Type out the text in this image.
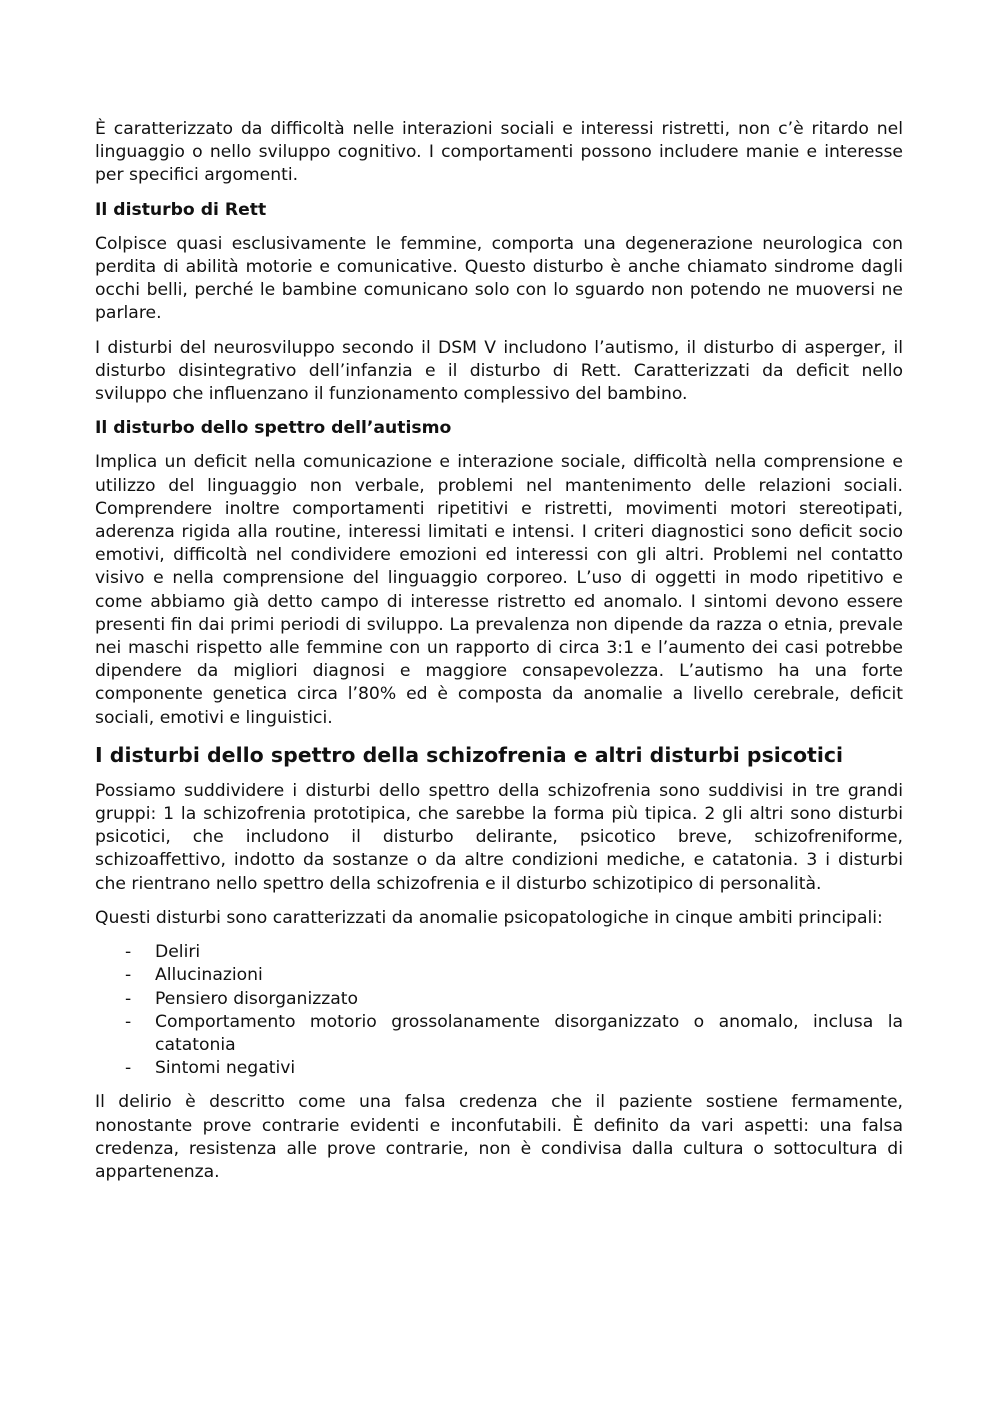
È caratterizzato da difficoltà nelle interazioni sociali e interessi ristretti, non c’è ritardo nel linguaggio o nello sviluppo cognitivo. I comportamenti possono includere manie e interesse per specifici argomenti.

Il disturbo di Rett

Colpisce quasi esclusivamente le femmine, comporta una degenerazione neurologica con perdita di abilità motorie e comunicative. Questo disturbo è anche chiamato sindrome dagli occhi belli, perché le bambine comunicano solo con lo sguardo non potendo ne muoversi ne parlare.

I disturbi del neurosviluppo secondo il DSM V includono l’autismo, il disturbo di asperger, il disturbo disintegrativo dell’infanzia e il disturbo di Rett. Caratterizzati da deficit nello sviluppo che influenzano il funzionamento complessivo del bambino.

Il disturbo dello spettro dell’autismo

Implica un deficit nella comunicazione e interazione sociale, difficoltà nella comprensione e utilizzo del linguaggio non verbale, problemi nel mantenimento delle relazioni sociali. Comprendere inoltre comportamenti ripetitivi e ristretti, movimenti motori stereotipati, aderenza rigida alla routine, interessi limitati e intensi. I criteri diagnostici sono deficit socio emotivi, difficoltà nel condividere emozioni ed interessi con gli altri. Problemi nel contatto visivo e nella comprensione del linguaggio corporeo. L’uso di oggetti in modo ripetitivo e come abbiamo già detto campo di interesse ristretto ed anomalo. I sintomi devono essere presenti fin dai primi periodi di sviluppo. La prevalenza non dipende da razza o etnia, prevale nei maschi rispetto alle femmine con un rapporto di circa 3:1 e l’aumento dei casi potrebbe dipendere da migliori diagnosi e maggiore consapevolezza. L’autismo ha una forte componente genetica circa l’80% ed è composta da anomalie a livello cerebrale, deficit sociali, emotivi e linguistici.

I disturbi dello spettro della schizofrenia e altri disturbi psicotici

Possiamo suddividere i disturbi dello spettro della schizofrenia sono suddivisi in tre grandi gruppi: 1 la schizofrenia prototipica, che sarebbe la forma più tipica. 2 gli altri sono disturbi psicotici, che includono il disturbo delirante, psicotico breve, schizofreniforme, schizoaffettivo, indotto da sostanze o da altre condizioni mediche, e catatonia. 3 i disturbi che rientrano nello spettro della schizofrenia e il disturbo schizotipico di personalità.

Questi disturbi sono caratterizzati da anomalie psicopatologiche in cinque ambiti principali:

- Deliri
- Allucinazioni
- Pensiero disorganizzato
- Comportamento motorio grossolanamente disorganizzato o anomalo, inclusa la catatonia
- Sintomi negativi

Il delirio è descritto come una falsa credenza che il paziente sostiene fermamente, nonostante prove contrarie evidenti e inconfutabili. È definito da vari aspetti: una falsa credenza, resistenza alle prove contrarie, non è condivisa dalla cultura o sottocultura di appartenenza.
